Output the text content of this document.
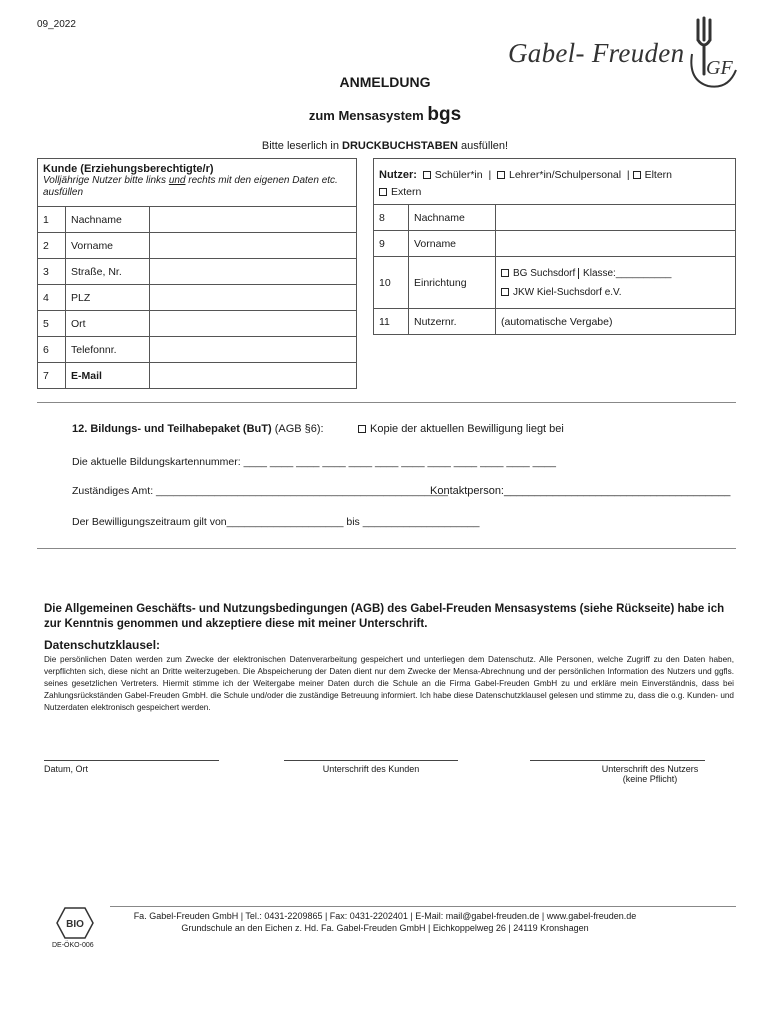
09_2022
Gabel- Freuden GF
ANMELDUNG
zum Mensasystem bgs
Bitte leserlich in DRUCKBUCHSTABEN ausfüllen!
Kunde (Erziehungsberechtigte/r)
Volljährige Nutzer bitte links und rechts mit den eigenen Daten etc. ausfüllen		

1	Nachname	
2	Vorname	
3	Straße, Nr.	
4	PLZ	
5	Ort	
6	Telefonnr.	
7	E-Mail	
Nutzer: Schüler*in  |  Lehrer*in/Schulpersonal  | Eltern
Extern		
8	Nachname	
9	Vorname	
10	Einrichtung	BG Suchsdorf Klasse:__________
JKW Kiel-Suchsdorf e.V.
11	Nutzernr.	(automatische Vergabe)
12. Bildungs- und Teilhabepaket (BuT) (AGB §6):	Kopie der aktuellen Bewilligung liegt bei
Die aktuelle Bildungskartennummer: ____ ____ ____ ____ ____ ____ ____ ____ ____ ____ ____ ____
Zuständiges Amt: __________________________________________________
Kontaktperson:_____________________________________
Der Bewilligungszeitraum gilt von____________________ bis ____________________
Die Allgemeinen Geschäfts- und Nutzungsbedingungen (AGB) des Gabel-Freuden Mensasystems (siehe Rückseite) habe ich zur Kenntnis genommen und akzeptiere diese mit meiner Unterschrift.
Datenschutzklausel:
Die persönlichen Daten werden zum Zwecke der elektronischen Datenverarbeitung gespeichert und unterliegen dem Datenschutz. Alle Personen, welche Zugriff zu den Daten haben, verpflichten sich, diese nicht an Dritte weiterzugeben. Die Abspeicherung der Daten dient nur dem Zwecke der Mensa-Abrechnung und der persönlichen Information des Nutzers und ggfls. seines gesetzlichen Vertreters. Hiermit stimme ich der Weitergabe meiner Daten durch die Schule an die Firma Gabel-Freuden GmbH zu und erkläre mein Einverständnis, dass bei Zahlungsrückständen Gabel-Freuden GmbH. die Schule und/oder die zuständige Betreuung informiert. Ich habe diese Datenschutzklausel gelesen und stimme zu, dass die o.g. Kunden- und Nutzerdaten elektronisch gespeichert werden.
Datum, Ort	Unterschrift des Kunden	Unterschrift des Nutzers
(keine Pflicht)
BIO
DE-ÖKO-006
Fa. Gabel-Freuden GmbH | Tel.: 0431-2209865 | Fax: 0431-2202401 | E-Mail: mail@gabel-freuden.de | www.gabel-freuden.de
Grundschule an den Eichen z. Hd. Fa. Gabel-Freuden GmbH | Eichkoppelweg 26 | 24119 Kronshagen
